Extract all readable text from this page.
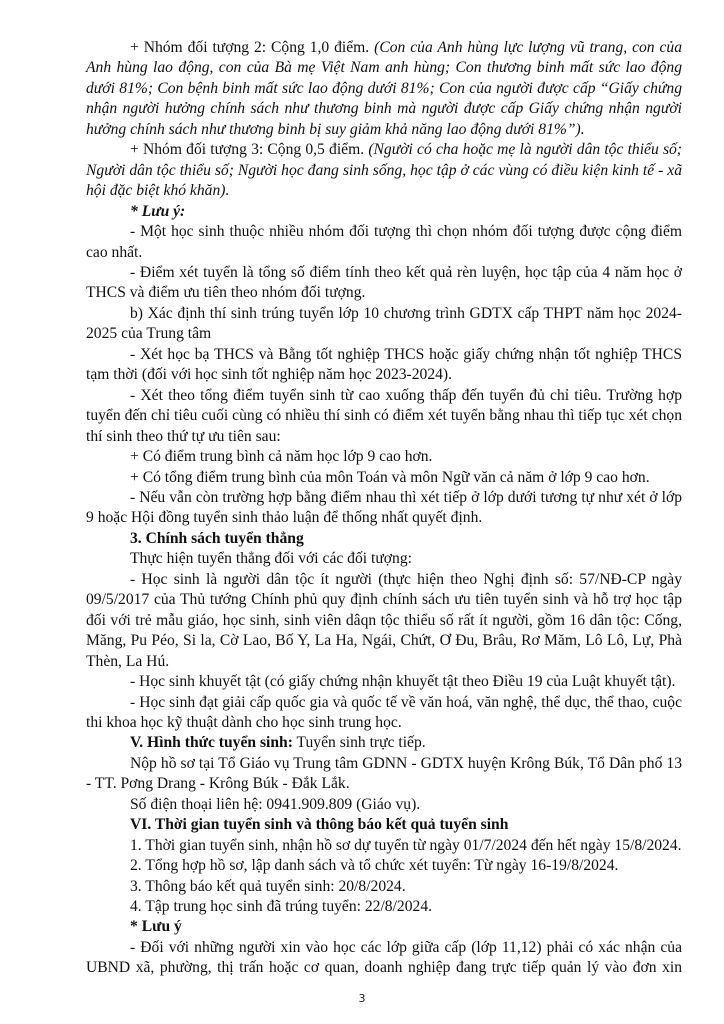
+ Nhóm đối tượng 2: Cộng 1,0 điểm. (Con của Anh hùng lực lượng vũ trang, con của Anh hùng lao động, con của Bà mẹ Việt Nam anh hùng; Con thương binh mất sức lao động dưới 81%; Con bệnh binh mất sức lao động dưới 81%; Con của người được cấp “Giấy chứng nhận người hưởng chính sách như thương binh mà người được cấp Giấy chứng nhận người hưởng chính sách như thương binh bị suy giảm khả năng lao động dưới 81%”).

+ Nhóm đối tượng 3: Cộng 0,5 điểm. (Người có cha hoặc mẹ là người dân tộc thiểu số; Người dân tộc thiểu số; Người học đang sinh sống, học tập ở các vùng có điều kiện kinh tế - xã hội đặc biệt khó khăn).

* Lưu ý:

- Một học sinh thuộc nhiều nhóm đối tượng thì chọn nhóm đối tượng được cộng điểm cao nhất.

- Điểm xét tuyển là tổng số điểm tính theo kết quả rèn luyện, học tập của 4 năm học ở THCS và điểm ưu tiên theo nhóm đối tượng.

b) Xác định thí sinh trúng tuyển lớp 10 chương trình GDTX cấp THPT năm học 2024-2025 của Trung tâm

- Xét học bạ THCS và Bằng tốt nghiệp THCS hoặc giấy chứng nhận tốt nghiệp THCS tạm thời (đối với học sinh tốt nghiệp năm học 2023-2024).

- Xét theo tổng điểm tuyển sinh từ cao xuống thấp đến tuyển đủ chỉ tiêu. Trường hợp tuyển đến chỉ tiêu cuối cùng có nhiều thí sinh có điểm xét tuyển bằng nhau thì tiếp tục xét chọn thí sinh theo thứ tự ưu tiên sau:

+ Có điểm trung bình cả năm học lớp 9 cao hơn.

+ Có tổng điểm trung bình của môn Toán và môn Ngữ văn cả năm ở lớp 9 cao hơn.

- Nếu vẫn còn trường hợp bằng điểm nhau thì xét tiếp ở lớp dưới tương tự như xét ở lớp 9 hoặc Hội đồng tuyển sinh thảo luận để thống nhất quyết định.

3. Chính sách tuyển thẳng

Thực hiện tuyển thẳng đối với các đối tượng:

- Học sinh là người dân tộc ít người (thực hiện theo Nghị định số: 57/NĐ-CP ngày 09/5/2017 của Thủ tướng Chính phủ quy định chính sách ưu tiên tuyển sinh và hỗ trợ học tập đối với trẻ mẫu giáo, học sinh, sinh viên dâqn tộc thiểu số rất ít người, gồm 16 dân tộc: Cống, Măng, Pu Péo, Si la, Cờ Lao, Bố Y, La Ha, Ngái, Chứt, Ơ Đu, Brâu, Rơ Măm, Lô Lô, Lự, Phà Thèn, La Hú.

- Học sinh khuyết tật (có giấy chứng nhận khuyết tật theo Điều 19 của Luật khuyết tật).

- Học sinh đạt giải cấp quốc gia và quốc tế về văn hoá, văn nghệ, thể dục, thể thao, cuộc thi khoa học kỹ thuật dành cho học sinh trung học.

V. Hình thức tuyển sinh: Tuyển sinh trực tiếp.

Nộp hồ sơ tại Tổ Giáo vụ Trung tâm GDNN - GDTX huyện Krông Búk, Tổ Dân phố 13 - TT. Pơng Drang - Krông Búk - Đắk Lắk.

Số điện thoại liên hệ: 0941.909.809 (Giáo vụ).

VI. Thời gian tuyển sinh và thông báo kết quả tuyển sinh

1. Thời gian tuyển sinh, nhận hồ sơ dự tuyển từ ngày 01/7/2024 đến hết ngày 15/8/2024.

2. Tổng hợp hồ sơ, lập danh sách và tổ chức xét tuyển: Từ ngày 16-19/8/2024.

3. Thông báo kết quả tuyển sinh: 20/8/2024.

4. Tập trung học sinh đã trúng tuyển: 22/8/2024.

* Lưu ý

- Đối với những người xin vào học các lớp giữa cấp (lớp 11,12) phải có xác nhận của UBND xã, phường, thị trấn hoặc cơ quan, doanh nghiệp đang trực tiếp quản lý vào đơn xin

3
